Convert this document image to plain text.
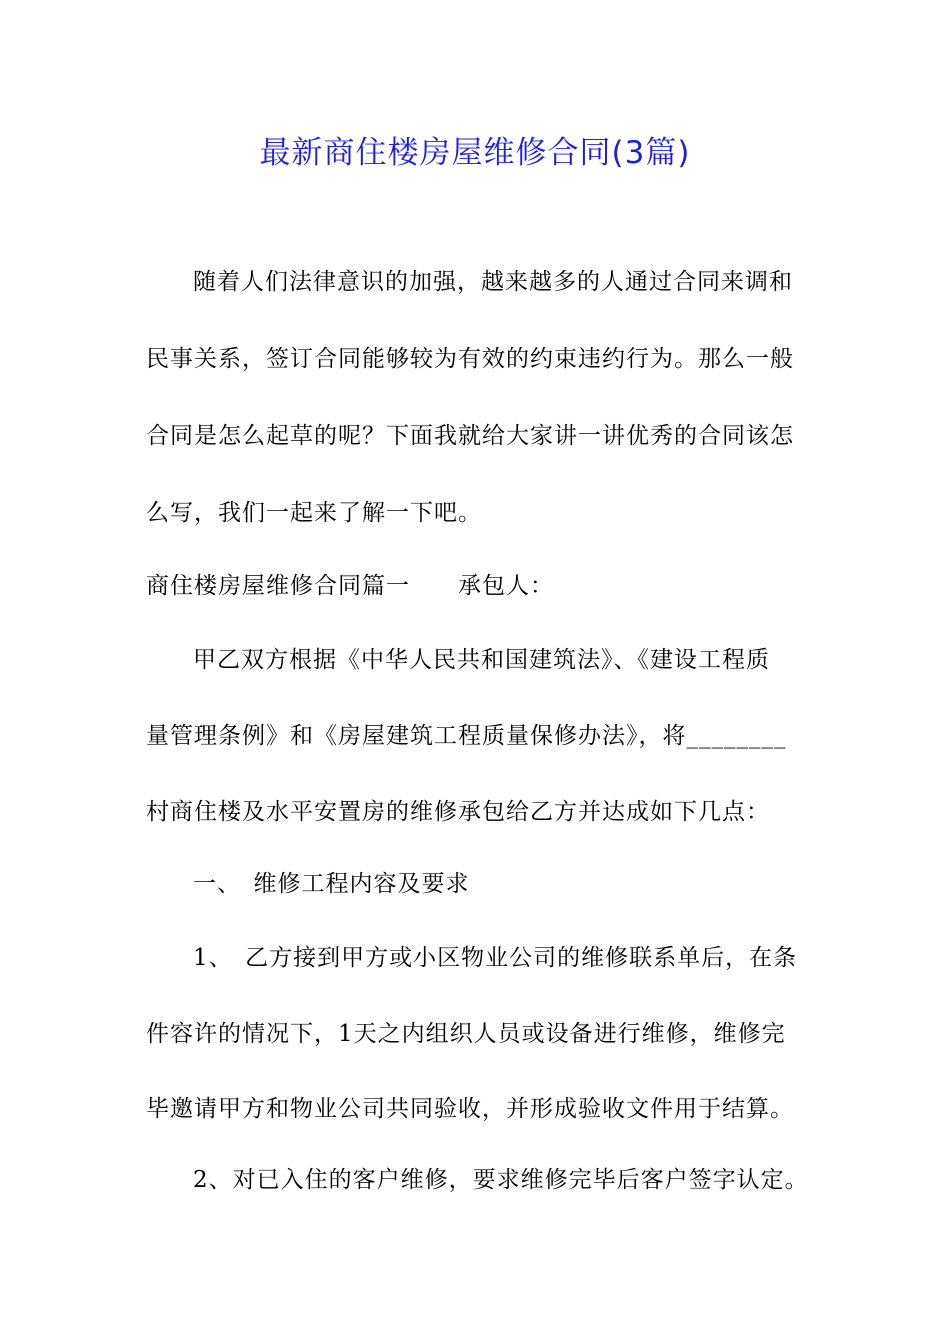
最新商住楼房屋维修合同(3篇)
随着人们法律意识的加强，越来越多的人通过合同来调和
民事关系，签订合同能够较为有效的约束违约行为。那么一般
合同是怎么起草的呢？下面我就给大家讲一讲优秀的合同该怎
么写，我们一起来了解一下吧。
商住楼房屋维修合同篇一　　承包人：
甲乙双方根据《中华人民共和国建筑法》、《建设工程质
量管理条例》和《房屋建筑工程质量保修办法》，将________
村商住楼及水平安置房的维修承包给乙方并达成如下几点：
一、　维修工程内容及要求
1、　乙方接到甲方或小区物业公司的维修联系单后，在条
件容许的情况下，1天之内组织人员或设备进行维修，维修完
毕邀请甲方和物业公司共同验收，并形成验收文件用于结算。
2、对已入住的客户维修，要求维修完毕后客户签字认定。
